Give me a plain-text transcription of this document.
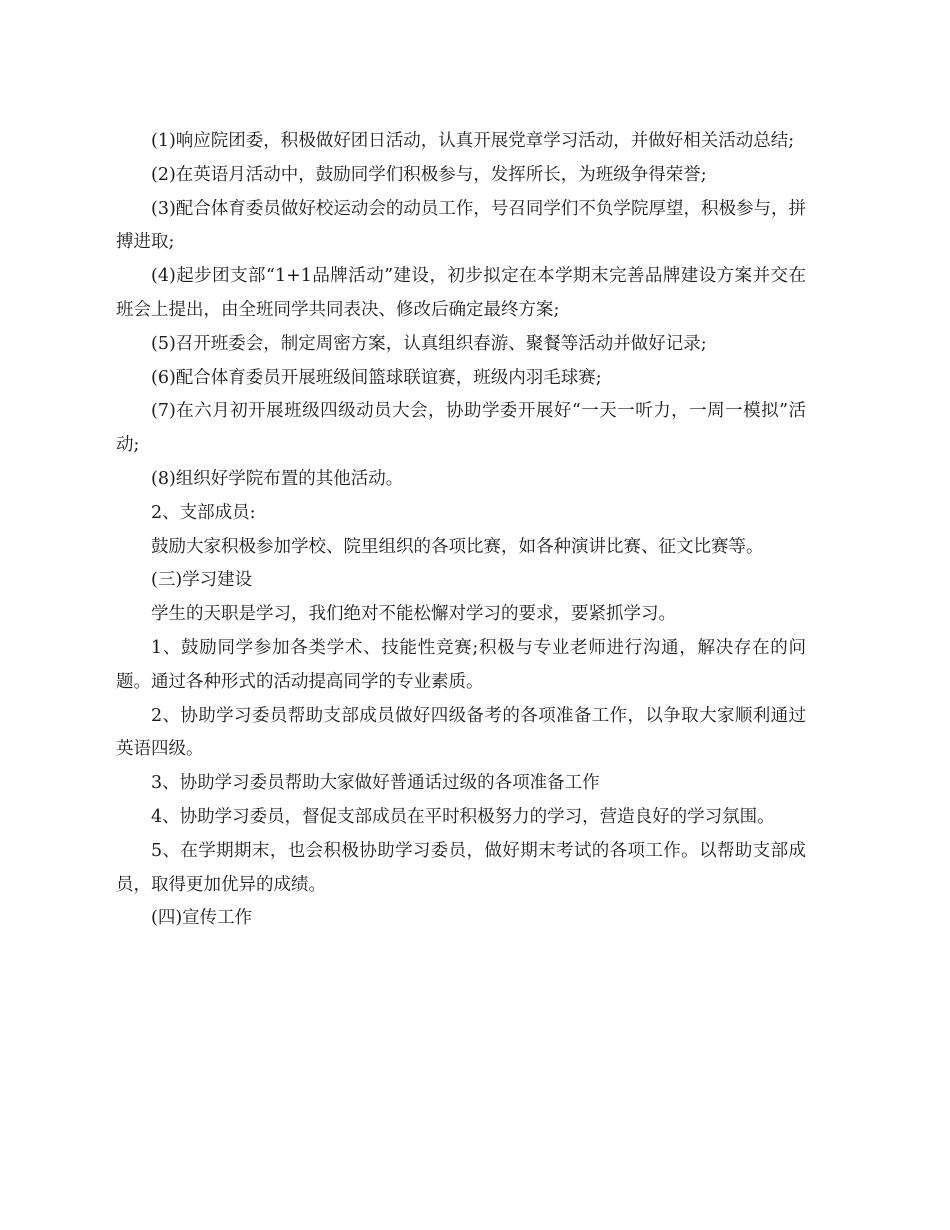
(1)响应院团委，积极做好团日活动，认真开展党章学习活动，并做好相关活动总结;

(2)在英语月活动中，鼓励同学们积极参与，发挥所长，为班级争得荣誉;

(3)配合体育委员做好校运动会的动员工作，号召同学们不负学院厚望，积极参与，拼搏进取;

(4)起步团支部“1+1品牌活动”建设，初步拟定在本学期末完善品牌建设方案并交在班会上提出，由全班同学共同表决、修改后确定最终方案;

(5)召开班委会，制定周密方案，认真组织春游、聚餐等活动并做好记录;

(6)配合体育委员开展班级间篮球联谊赛，班级内羽毛球赛;

(7)在六月初开展班级四级动员大会，协助学委开展好“一天一听力，一周一模拟”活动;

(8)组织好学院布置的其他活动。

2、支部成员:

鼓励大家积极参加学校、院里组织的各项比赛，如各种演讲比赛、征文比赛等。

(三)学习建设

学生的天职是学习，我们绝对不能松懈对学习的要求，要紧抓学习。

1、鼓励同学参加各类学术、技能性竞赛;积极与专业老师进行沟通，解决存在的问题。通过各种形式的活动提高同学的专业素质。

2、协助学习委员帮助支部成员做好四级备考的各项准备工作，以争取大家顺利通过英语四级。

3、协助学习委员帮助大家做好普通话过级的各项准备工作

4、协助学习委员，督促支部成员在平时积极努力的学习，营造良好的学习氛围。

5、在学期期末，也会积极协助学习委员，做好期末考试的各项工作。以帮助支部成员，取得更加优异的成绩。

(四)宣传工作
